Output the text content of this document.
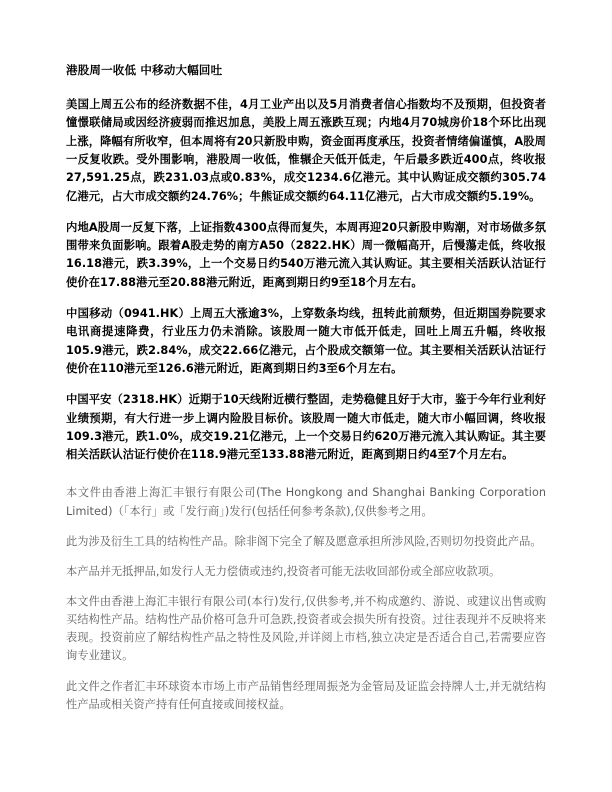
港股周一收低 中移动大幅回吐

美国上周五公布的经济数据不佳，4月工业产出以及5月消费者信心指数均不及预期，但投资者憧憬联储局或因经济疲弱而推迟加息，美股上周五涨跌互现；内地4月70城房价18个环比出现上涨，降幅有所收窄，但本周将有20只新股申购，资金面再度承压，投资者情绪偏谨慎，A股周一反复收跌。受外围影响，港股周一收低，惟辗企天低开低走，午后最多跌近400点，终收报27,591.25点，跌231.03点或0.83%，成交1234.6亿港元。其中认购证成交额约305.74亿港元，占大市成交额约24.76%；牛熊证成交额约64.11亿港元，占大市成交额约5.19%。

内地A股周一反复下落，上证指数4300点得而复失，本周再迎20只新股申购潮，对市场做多氛围带来负面影响。跟着A股走势的南方A50（2822.HK）周一微幅高开，后慢蕩走低，终收报16.18港元，跌3.39%，上一个交易日约540万港元流入其认购证。其主要相关活跃认沽证行使价在17.88港元至20.88港元附近，距离到期日约9至18个月左右。

中国移动（0941.HK）上周五大涨逾3%，上穿数条均线，扭转此前颓势，但近期国券院要求电讯商提速降费，行业压力仍未消除。该股周一随大市低开低走，回吐上周五升幅，终收报105.9港元，跌2.84%，成交22.66亿港元，占个股成交额第一位。其主要相关活跃认沽证行使价在110港元至126.6港元附近，距离到期日约3至6个月左右。

中国平安（2318.HK）近期于10天线附近横行整固，走势稳健且好于大市，鉴于今年行业利好业绩预期，有大行进一步上调内险股目标价。该股周一随大市低走，随大市小幅回调，终收报109.3港元，跌1.0%，成交19.21亿港元，上一个交易日约620万港元流入其认购证。其主要相关活跃认沽证行使价在118.9港元至133.88港元附近，距离到期日约4至7个月左右。

本文件由香港上海汇丰银行有限公司(The Hongkong and Shanghai Banking Corporation Limited)（「本行」或「发行商」)发行(包括任何参考条款),仅供参考之用。

此为涉及衍生工具的结构性产品。除非阁下完全了解及愿意承担所涉风险,否则切勿投资此产品。

本产品并无抵押品,如发行人无力偿债或违约,投资者可能无法收回部份或全部应收款项。

本文件由香港上海汇丰银行有限公司(本行)发行,仅供参考,并不构成邀约、游说、或建议出售或购买结构性产品。结构性产品价格可急升可急跌,投资者或会损失所有投资。过往表现并不反映将来表现。投资前应了解结构性产品之特性及风险,并详阅上市档,独立决定是否适合自己,若需要应咨询专业建议。

此文件之作者汇丰环球资本市场上市产品销售经理周振尧为金管局及证监会持牌人士,并无就结构性产品或相关资产持有任何直接或间接权益。
